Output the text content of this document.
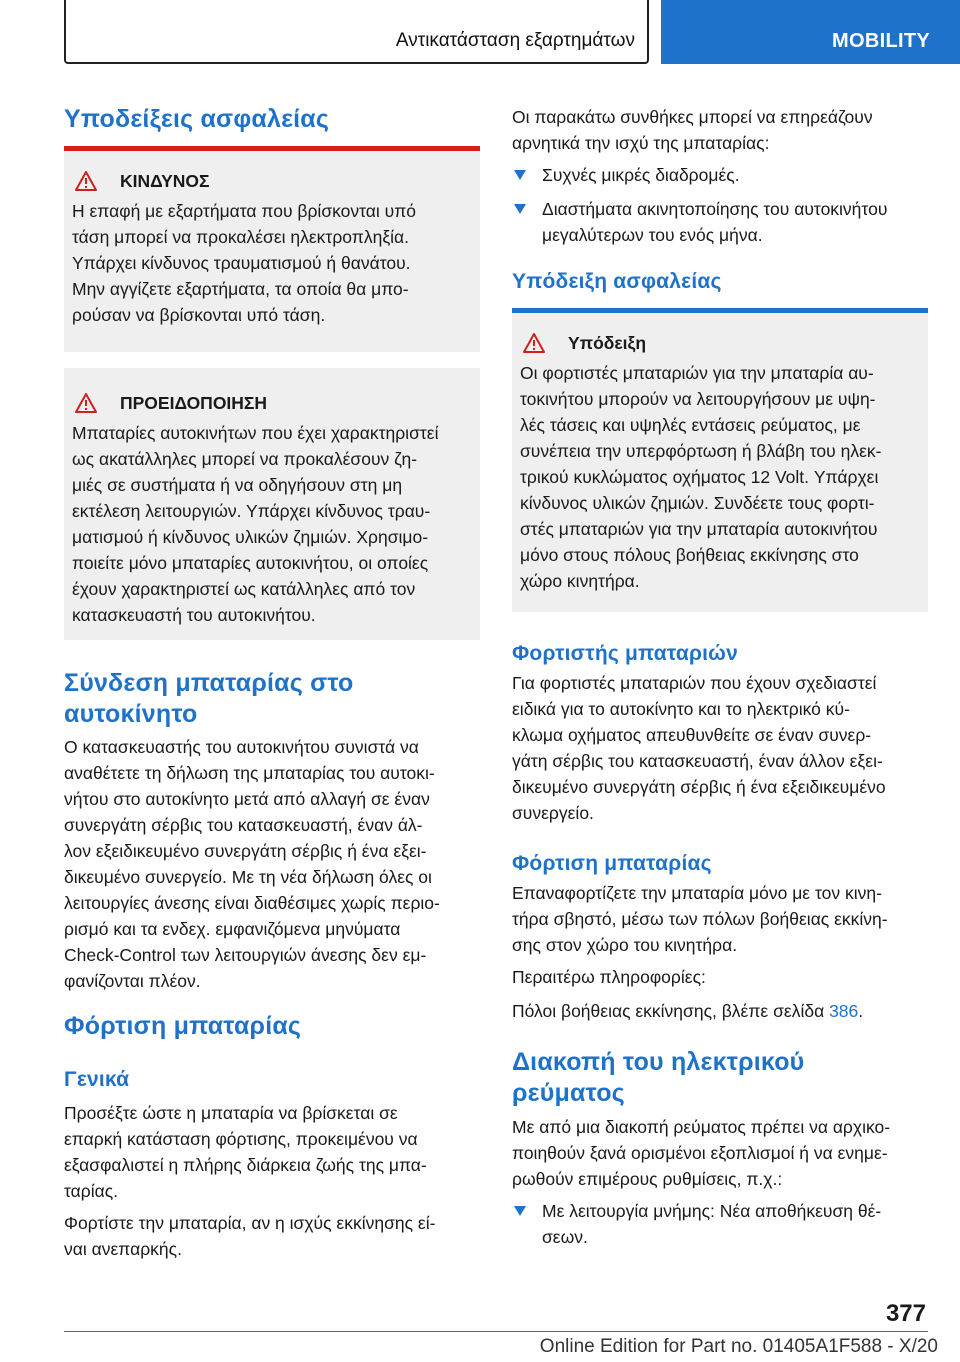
Αντικατάσταση εξαρτημάτων	MOBILITY
Υποδείξεις ασφαλείας
ΚΙΝΔΥΝΟΣ
Η επαφή με εξαρτήματα που βρίσκονται υπό
τάση μπορεί να προκαλέσει ηλεκτροπληξία.
Υπάρχει κίνδυνος τραυματισμού ή θανάτου.
Μην αγγίζετε εξαρτήματα, τα οποία θα μπο-
ρούσαν να βρίσκονται υπό τάση.
ΠΡΟΕΙΔΟΠΟΙΗΣΗ
Μπαταρίες αυτοκινήτων που έχει χαρακτηριστεί
ως ακατάλληλες μπορεί να προκαλέσουν ζη-
μιές σε συστήματα ή να οδηγήσουν στη μη
εκτέλεση λειτουργιών. Υπάρχει κίνδυνος τραυ-
ματισμού ή κίνδυνος υλικών ζημιών. Χρησιμο-
ποιείτε μόνο μπαταρίες αυτοκινήτου, οι οποίες
έχουν χαρακτηριστεί ως κατάλληλες από τον
κατασκευαστή του αυτοκινήτου.
Σύνδεση μπαταρίας στο
αυτοκίνητο
Ο κατασκευαστής του αυτοκινήτου συνιστά να
αναθέτετε τη δήλωση της μπαταρίας του αυτοκι-
νήτου στο αυτοκίνητο μετά από αλλαγή σε έναν
συνεργάτη σέρβις του κατασκευαστή, έναν άλ-
λον εξειδικευμένο συνεργάτη σέρβις ή ένα εξει-
δικευμένο συνεργείο. Με τη νέα δήλωση όλες οι
λειτουργίες άνεσης είναι διαθέσιμες χωρίς περιο-
ρισμό και τα ενδεχ. εμφανιζόμενα μηνύματα
Check-Control των λειτουργιών άνεσης δεν εμ-
φανίζονται πλέον.
Φόρτιση μπαταρίας
Γενικά
Προσέξτε ώστε η μπαταρία να βρίσκεται σε
επαρκή κατάσταση φόρτισης, προκειμένου να
εξασφαλιστεί η πλήρης διάρκεια ζωής της μπα-
ταρίας.
Φορτίστε την μπαταρία, αν η ισχύς εκκίνησης εί-
ναι ανεπαρκής.
Οι παρακάτω συνθήκες μπορεί να επηρεάζουν
αρνητικά την ισχύ της μπαταρίας:
Συχνές μικρές διαδρομές.
Διαστήματα ακινητοποίησης του αυτοκινήτου
μεγαλύτερων του ενός μήνα.
Υπόδειξη ασφαλείας
Υπόδειξη
Οι φορτιστές μπαταριών για την μπαταρία αυ-
τοκινήτου μπορούν να λειτουργήσουν με υψη-
λές τάσεις και υψηλές εντάσεις ρεύματος, με
συνέπεια την υπερφόρτωση ή βλάβη του ηλεκ-
τρικού κυκλώματος οχήματος 12 Volt. Υπάρχει
κίνδυνος υλικών ζημιών. Συνδέετε τους φορτι-
στές μπαταριών για την μπαταρία αυτοκινήτου
μόνο στους πόλους βοήθειας εκκίνησης στο
χώρο κινητήρα.
Φορτιστής μπαταριών
Για φορτιστές μπαταριών που έχουν σχεδιαστεί
ειδικά για το αυτοκίνητο και το ηλεκτρικό κύ-
κλωμα οχήματος απευθυνθείτε σε έναν συνερ-
γάτη σέρβις του κατασκευαστή, έναν άλλον εξει-
δικευμένο συνεργάτη σέρβις ή ένα εξειδικευμένο
συνεργείο.
Φόρτιση μπαταρίας
Επαναφορτίζετε την μπαταρία μόνο με τον κινη-
τήρα σβηστό, μέσω των πόλων βοήθειας εκκίνη-
σης στον χώρο του κινητήρα.
Περαιτέρω πληροφορίες:
Πόλοι βοήθειας εκκίνησης, βλέπε σελίδα 386.
Διακοπή του ηλεκτρικού
ρεύματος
Με από μια διακοπή ρεύματος πρέπει να αρχικο-
ποιηθούν ξανά ορισμένοι εξοπλισμοί ή να ενημε-
ρωθούν επιμέρους ρυθμίσεις, π.χ.:
Με λειτουργία μνήμης: Νέα αποθήκευση θέ-
σεων.
377
Online Edition for Part no. 01405A1F588 - X/20
